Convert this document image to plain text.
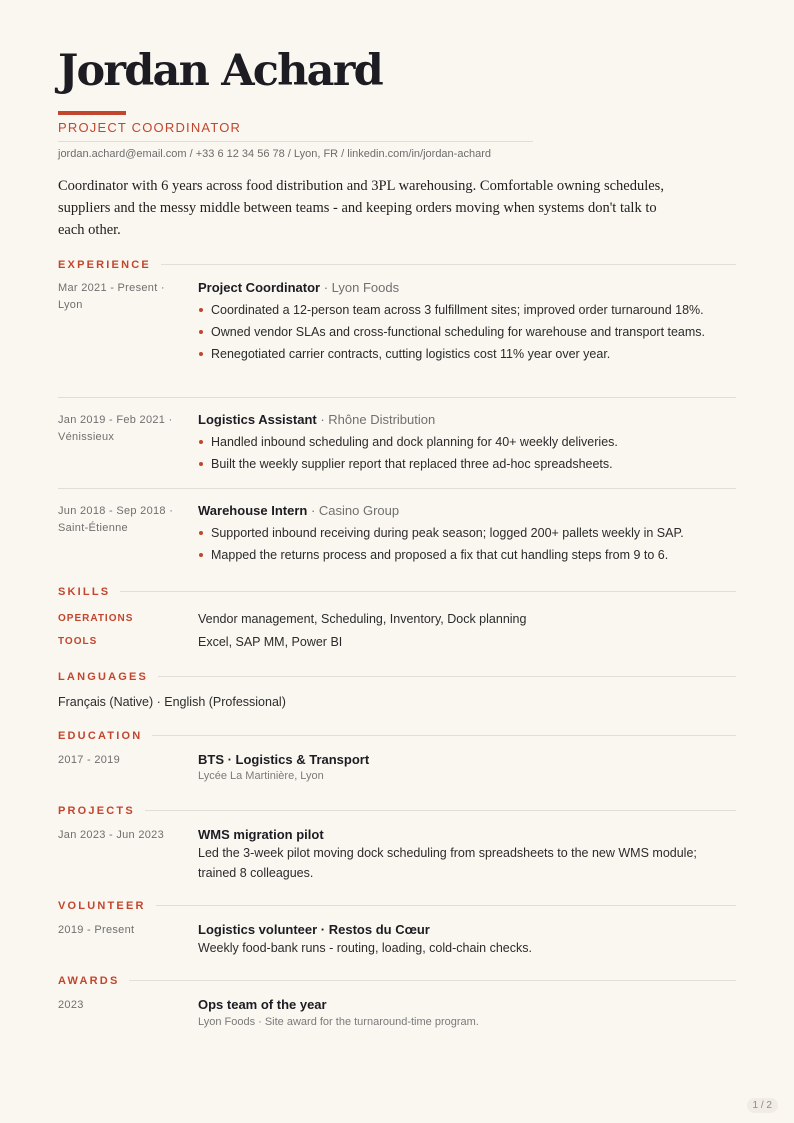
Jordan Achard
PROJECT COORDINATOR
jordan.achard@email.com / +33 6 12 34 56 78 / Lyon, FR / linkedin.com/in/jordan-achard
Coordinator with 6 years across food distribution and 3PL warehousing. Comfortable owning schedules, suppliers and the messy middle between teams - and keeping orders moving when systems don't talk to each other.
EXPERIENCE
Mar 2021 - Present · Lyon
Project Coordinator · Lyon Foods
Coordinated a 12-person team across 3 fulfillment sites; improved order turnaround 18%.
Owned vendor SLAs and cross-functional scheduling for warehouse and transport teams.
Renegotiated carrier contracts, cutting logistics cost 11% year over year.
Jan 2019 - Feb 2021 · Vénissieux
Logistics Assistant · Rhône Distribution
Handled inbound scheduling and dock planning for 40+ weekly deliveries.
Built the weekly supplier report that replaced three ad-hoc spreadsheets.
Jun 2018 - Sep 2018 · Saint-Étienne
Warehouse Intern · Casino Group
Supported inbound receiving during peak season; logged 200+ pallets weekly in SAP.
Mapped the returns process and proposed a fix that cut handling steps from 9 to 6.
SKILLS
OPERATIONS	Vendor management, Scheduling, Inventory, Dock planning
TOOLS	Excel, SAP MM, Power BI
LANGUAGES
Français (Native) · English (Professional)
EDUCATION
2017 - 2019	BTS · Logistics & Transport
Lycée La Martinière, Lyon
PROJECTS
Jan 2023 - Jun 2023	WMS migration pilot
Led the 3-week pilot moving dock scheduling from spreadsheets to the new WMS module; trained 8 colleagues.
VOLUNTEER
2019 - Present	Logistics volunteer · Restos du Cœur
Weekly food-bank runs - routing, loading, cold-chain checks.
AWARDS
2023	Ops team of the year
Lyon Foods · Site award for the turnaround-time program.
1 / 2
